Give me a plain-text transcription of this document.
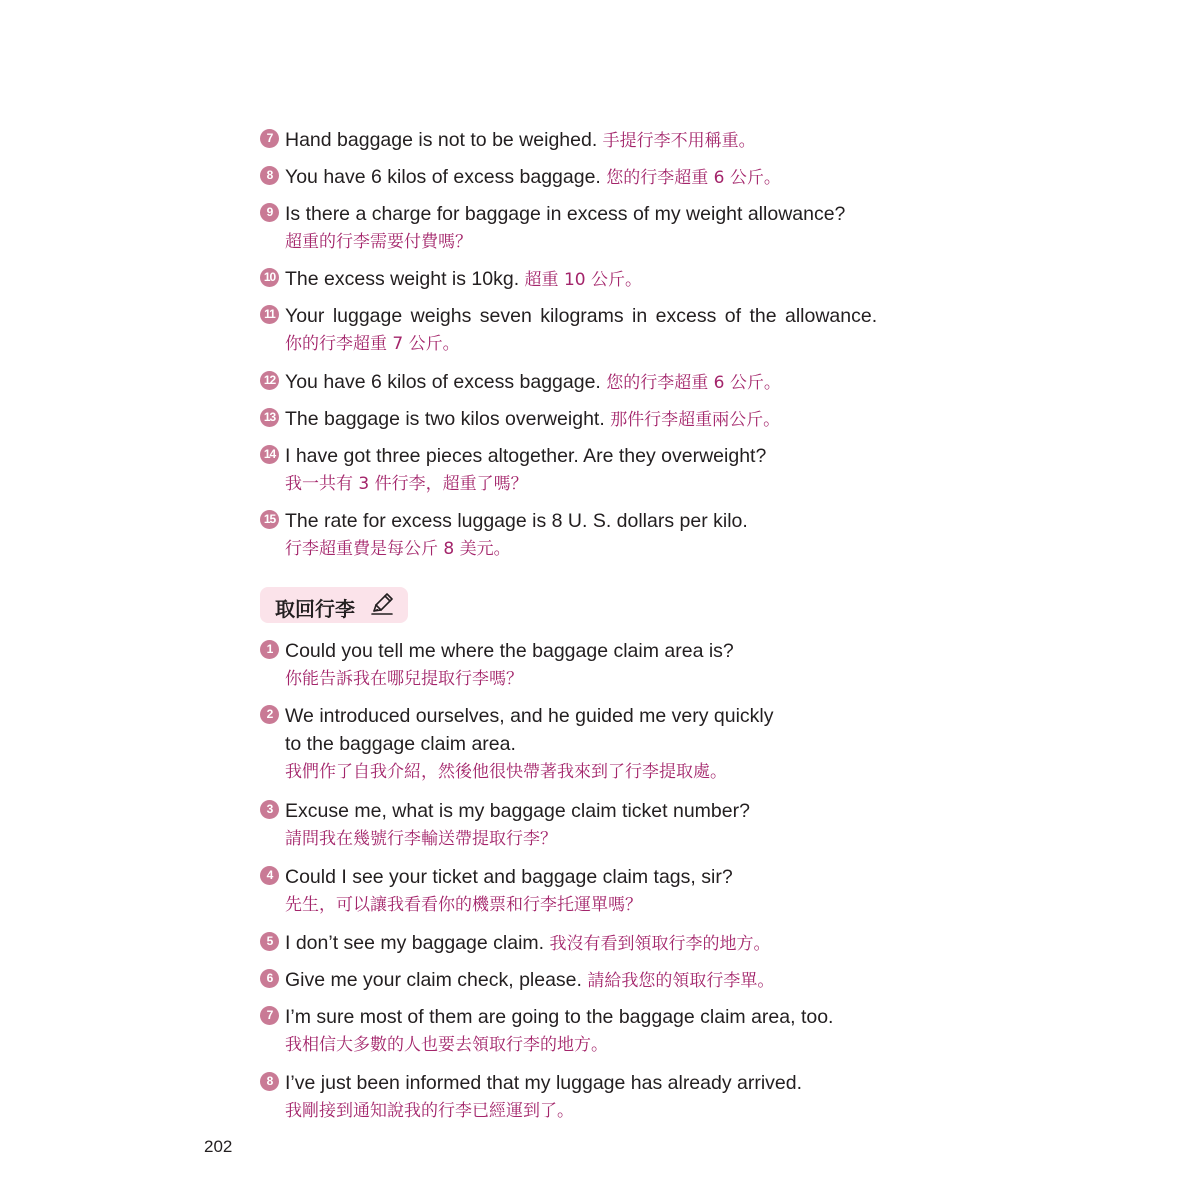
7 Hand baggage is not to be weighed. 手提行李不用稱重。
8 You have 6 kilos of excess baggage. 您的行李超重 6 公斤。
9 Is there a charge for baggage in excess of my weight allowance?
超重的行李需要付費嗎？
10 The excess weight is 10kg. 超重 10 公斤。
11 Your luggage weighs seven kilograms in excess of the allowance.
你的行李超重 7 公斤。
12 You have 6 kilos of excess baggage. 您的行李超重 6 公斤。
13 The baggage is two kilos overweight. 那件行李超重兩公斤。
14 I have got three pieces altogether. Are they overweight?
我一共有 3 件行李，超重了嗎？
15 The rate for excess luggage is 8 U. S. dollars per kilo.
行李超重費是每公斤 8 美元。
取回行李
1 Could you tell me where the baggage claim area is?
你能告訴我在哪兒提取行李嗎？
2 We introduced ourselves, and he guided me very quickly
to the baggage claim area.
我們作了自我介紹，然後他很快帶著我來到了行李提取處。
3 Excuse me, what is my baggage claim ticket number?
請問我在幾號行李輸送帶提取行李？
4 Could I see your ticket and baggage claim tags, sir?
先生，可以讓我看看你的機票和行李托運單嗎？
5 I don’t see my baggage claim. 我沒有看到領取行李的地方。
6 Give me your claim check, please. 請給我您的領取行李單。
7 I’m sure most of them are going to the baggage claim area, too.
我相信大多數的人也要去領取行李的地方。
8 I’ve just been informed that my luggage has already arrived.
我剛接到通知說我的行李已經運到了。
202
